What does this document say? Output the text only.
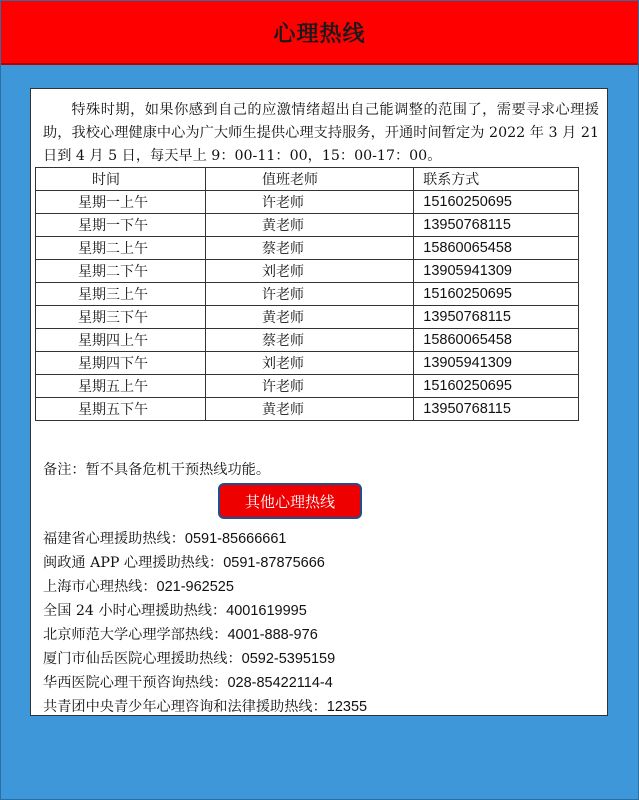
心理热线

特殊时期，如果你感到自己的应激情绪超出自己能调整的范围了，需要寻求心理援助，我校心理健康中心为广大师生提供心理支持服务，开通时间暂定为 2022 年 3 月 21 日到 4 月 5 日，每天早上 9：00-11：00，15：00-17：00。

时间	值班老师	联系方式
星期一上午	许老师	15160250695
星期一下午	黄老师	13950768115
星期二上午	蔡老师	15860065458
星期二下午	刘老师	13905941309
星期三上午	许老师	15160250695
星期三下午	黄老师	13950768115
星期四上午	蔡老师	15860065458
星期四下午	刘老师	13905941309
星期五上午	许老师	15160250695
星期五下午	黄老师	13950768115

备注：暂不具备危机干预热线功能。

其他心理热线
福建省心理援助热线：0591-85666661
闽政通 APP 心理援助热线：0591-87875666
上海市心理热线：021-962525
全国 24 小时心理援助热线：4001619995
北京师范大学心理学部热线：4001-888-976
厦门市仙岳医院心理援助热线：0592-5395159
华西医院心理干预咨询热线：028-85422114-4
共青团中央青少年心理咨询和法律援助热线：12355
